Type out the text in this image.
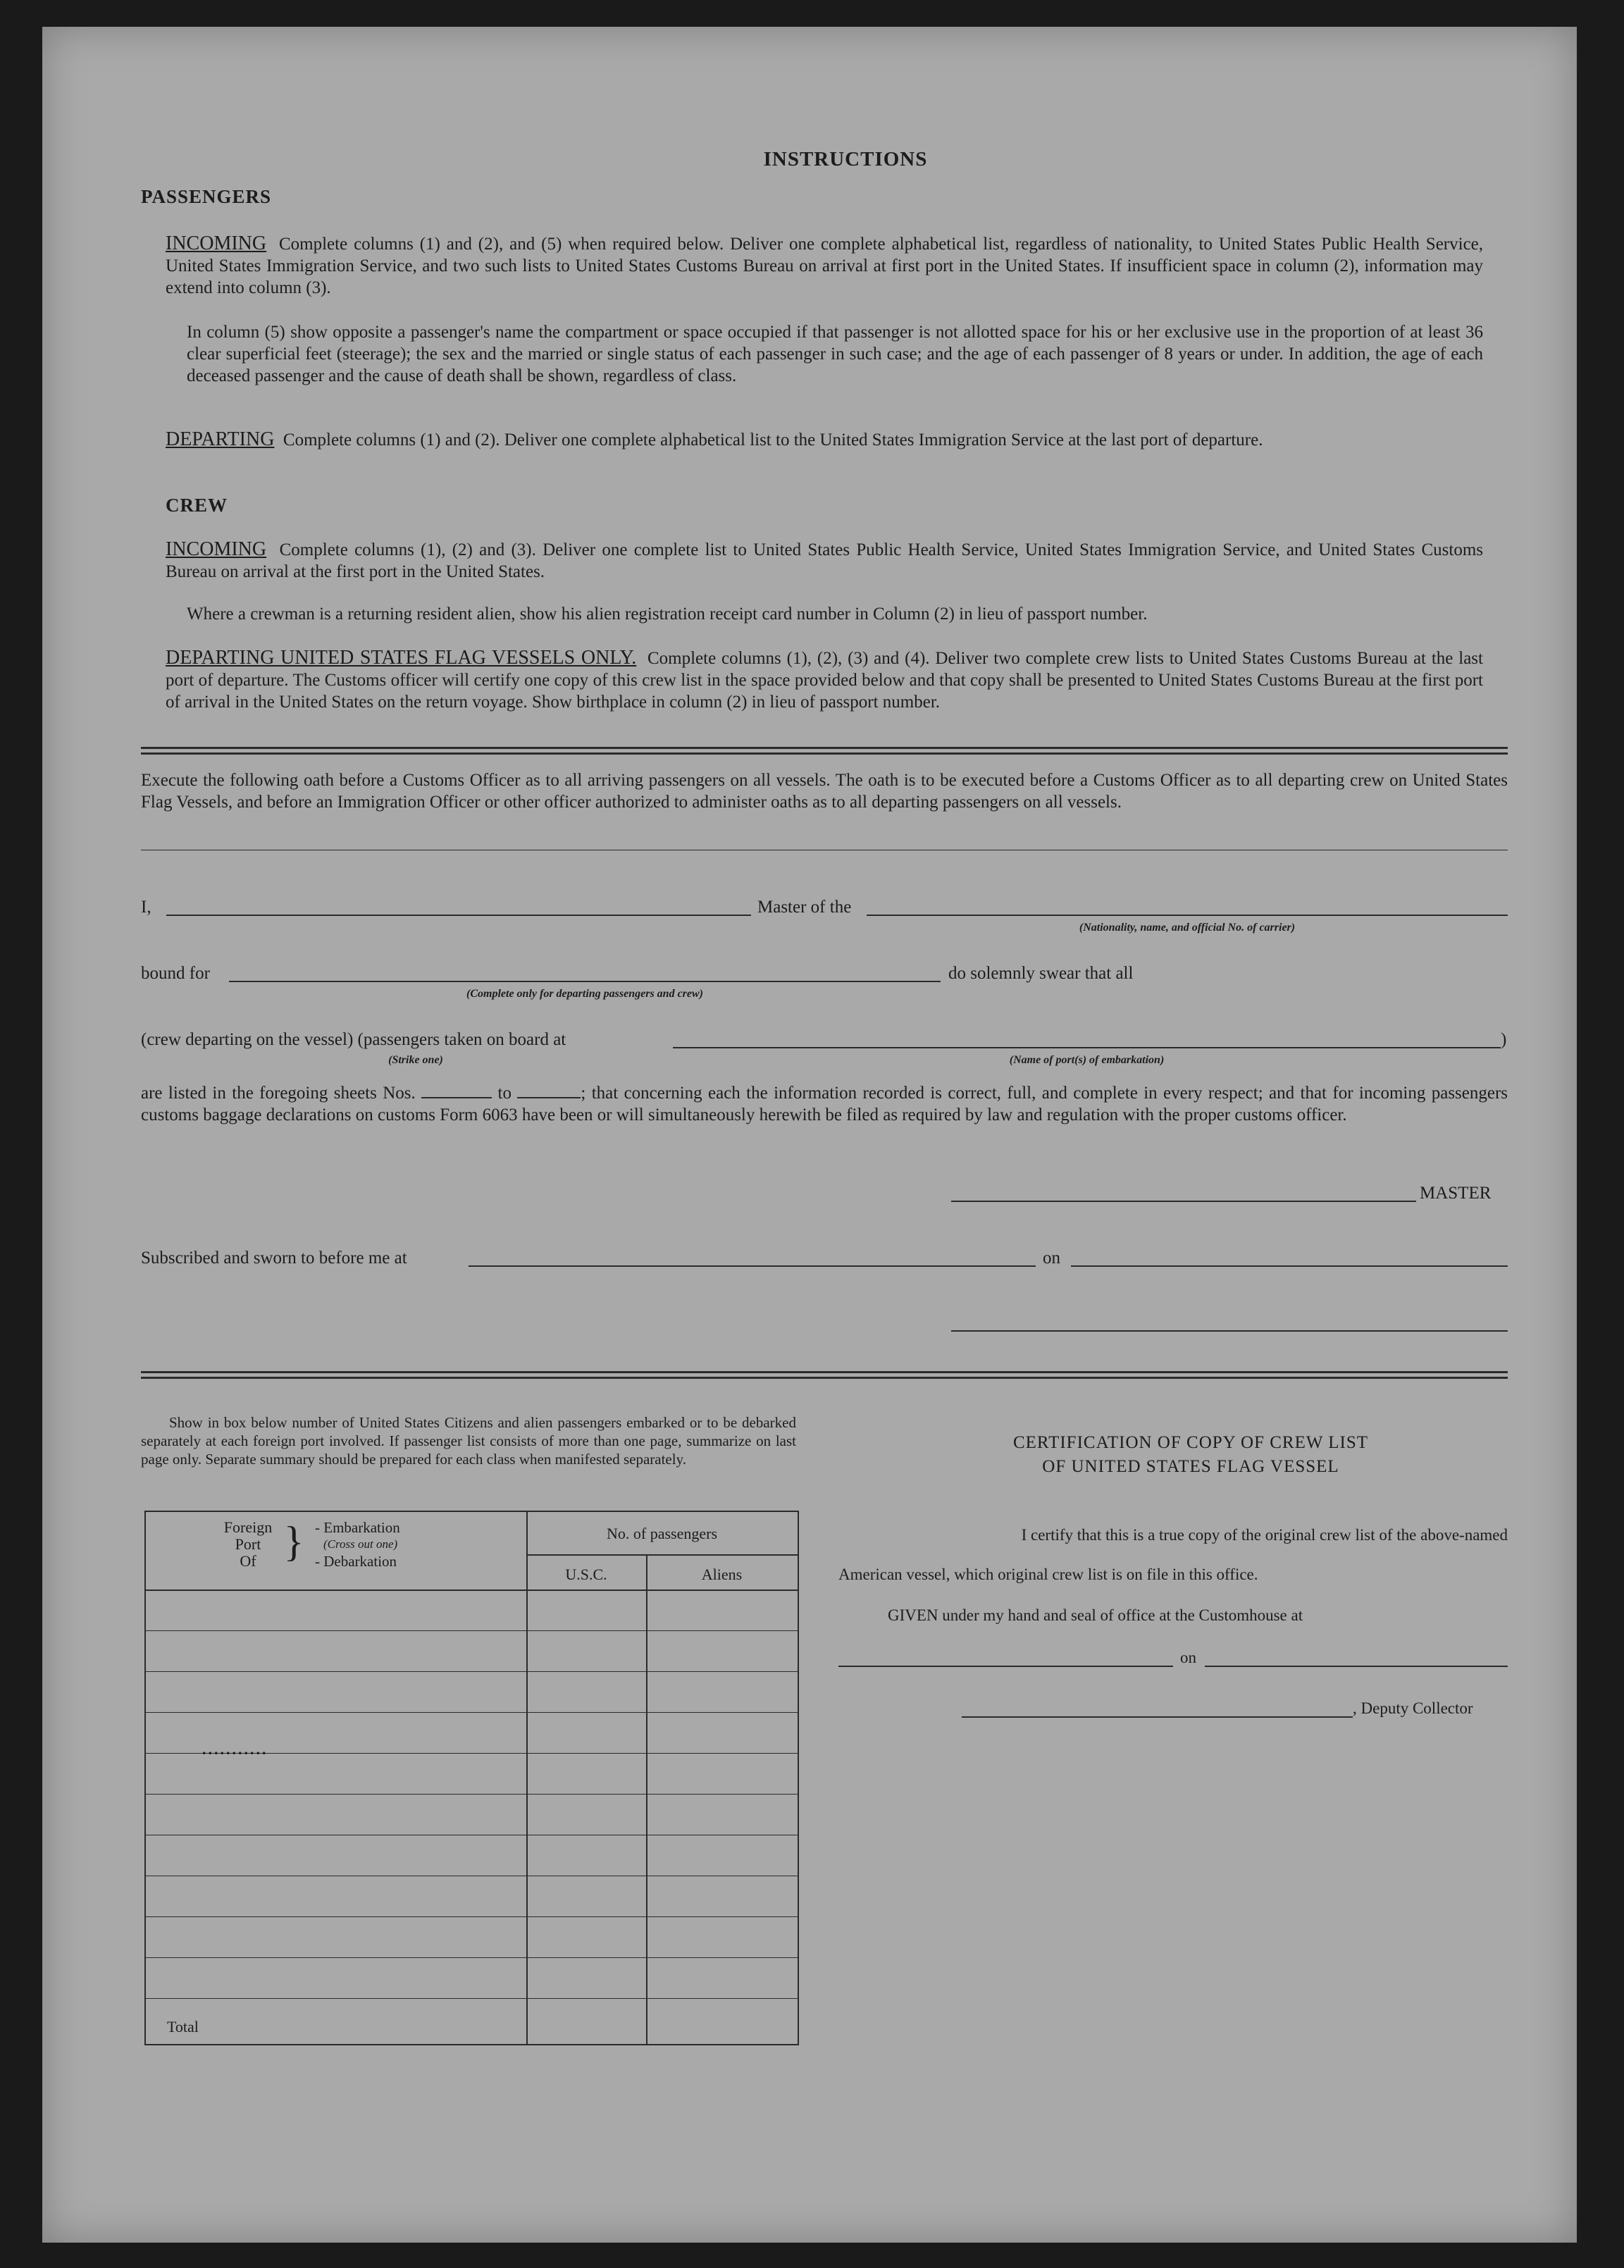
INSTRUCTIONS
PASSENGERS
INCOMING Complete columns (1) and (2), and (5) when required below. Deliver one complete alphabetical list, regardless of nationality, to United States Public Health Service, United States Immigration Service, and two such lists to United States Customs Bureau on arrival at first port in the United States. If insufficient space in column (2), information may extend into column (3).
In column (5) show opposite a passenger's name the compartment or space occupied if that passenger is not allotted space for his or her exclusive use in the proportion of at least 36 clear superficial feet (steerage); the sex and the married or single status of each passenger in such case; and the age of each passenger of 8 years or under. In addition, the age of each deceased passenger and the cause of death shall be shown, regardless of class.
DEPARTING Complete columns (1) and (2). Deliver one complete alphabetical list to the United States Immigration Service at the last port of departure.
CREW
INCOMING Complete columns (1), (2) and (3). Deliver one complete list to United States Public Health Service, United States Immigration Service, and United States Customs Bureau on arrival at the first port in the United States.
Where a crewman is a returning resident alien, show his alien registration receipt card number in Column (2) in lieu of passport number.
DEPARTING UNITED STATES FLAG VESSELS ONLY. Complete columns (1), (2), (3) and (4). Deliver two complete crew lists to United States Customs Bureau at the last port of departure. The Customs officer will certify one copy of this crew list in the space provided below and that copy shall be presented to United States Customs Bureau at the first port of arrival in the United States on the return voyage. Show birthplace in column (2) in lieu of passport number.
Execute the following oath before a Customs Officer as to all arriving passengers on all vessels. The oath is to be executed before a Customs Officer as to all departing crew on United States Flag Vessels, and before an Immigration Officer or other officer authorized to administer oaths as to all departing passengers on all vessels.
I,	Master of the
(Nationality, name, and official No. of carrier)
bound for
(Complete only for departing passengers and crew)
do solemnly swear that all
(crew departing on the vessel) (passengers taken on board at
(Strike one)	(Name of port(s) of embarkation)
)
are listed in the foregoing sheets Nos.	to	; that concerning each the information recorded is correct, full, and complete in every respect; and that for incoming passengers customs baggage declarations on customs Form 6063 have been or will simultaneously herewith be filed as required by law and regulation with the proper customs officer.
MASTER
Subscribed and sworn to before me at	on
Show in box below number of United States Citizens and alien passengers embarked or to be debarked separately at each foreign port involved. If passenger list consists of more than one page, summarize on last page only. Separate summary should be prepared for each class when manifested separately.
Foreign
Port
Of } - Embarkation
(Cross out one)
- Debarkation
No. of passengers
U.S.C.	Aliens
...........
Total
CERTIFICATION OF COPY OF CREW LIST
OF UNITED STATES FLAG VESSEL
I certify that this is a true copy of the original crew list of the above-named
American vessel, which original crew list is on file in this office.
GIVEN under my hand and seal of office at the Customhouse at
on
, Deputy Collector
